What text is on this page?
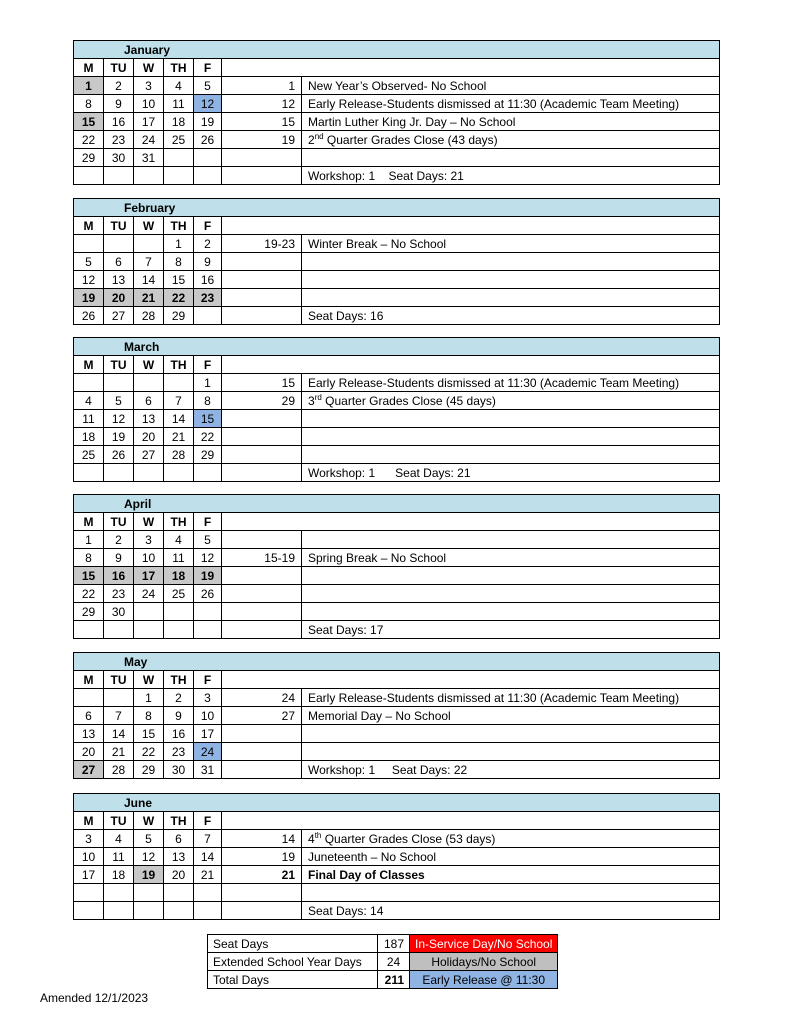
January						
M	TU	W	TH	F		
1	2	3	4	5	1	New Year’s Observed- No School
8	9	10	11	12	12	Early Release-Students dismissed at 11:30 (Academic Team Meeting)
15	16	17	18	19	15	Martin Luther King Jr. Day – No School
22	23	24	25	26	19	2nd Quarter Grades Close (43 days)
29	30	31				
						Workshop: 1    Seat Days: 21
February						
M	TU	W	TH	F		
			1	2	19-23	Winter Break – No School
5	6	7	8	9		
12	13	14	15	16		
19	20	21	22	23		
26	27	28	29			Seat Days: 16
March						
M	TU	W	TH	F		
				1	15	Early Release-Students dismissed at 11:30 (Academic Team Meeting)
4	5	6	7	8	29	3rd Quarter Grades Close (45 days)
11	12	13	14	15		
18	19	20	21	22		
25	26	27	28	29		
						Workshop: 1      Seat Days: 21
April						
M	TU	W	TH	F		
1	2	3	4	5		
8	9	10	11	12	15-19	Spring Break – No School
15	16	17	18	19		
22	23	24	25	26		
29	30					
						Seat Days: 17
May						
M	TU	W	TH	F		
		1	2	3	24	Early Release-Students dismissed at 11:30 (Academic Team Meeting)
6	7	8	9	10	27	Memorial Day – No School
13	14	15	16	17		
20	21	22	23	24		
27	28	29	30	31		Workshop: 1     Seat Days: 22
June						
M	TU	W	TH	F		
3	4	5	6	7	14	4th Quarter Grades Close (53 days)
10	11	12	13	14	19	Juneteenth – No School
17	18	19	20	21	21	Final Day of Classes

						Seat Days: 14
Seat Days	187	In-Service Day/No School
Extended School Year Days	24	Holidays/No School
Total Days	211	Early Release @ 11:30
Amended 12/1/2023
